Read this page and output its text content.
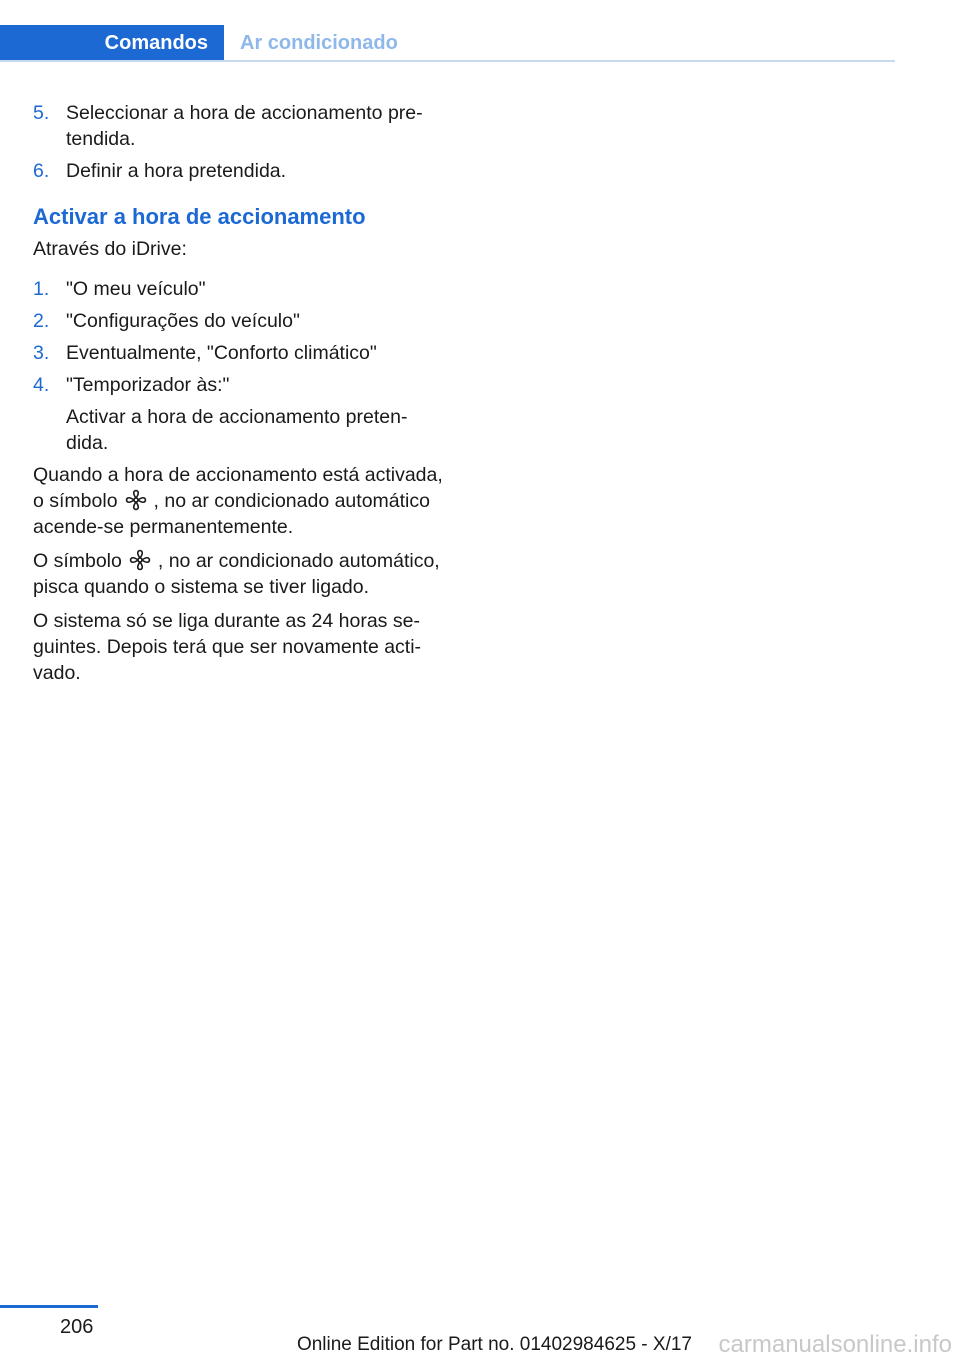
Comandos	Ar condicionado
5. Seleccionar a hora de accionamento pre‐ tendida.
6. Definir a hora pretendida.
Activar a hora de accionamento

Através do iDrive:

1. "O meu veículo"
2. "Configurações do veículo"
3. Eventualmente, "Conforto climático"
4. "Temporizador às:"
Activar a hora de accionamento preten‐ dida.

Quando a hora de accionamento está activada, o símbolo , no ar condicionado automático acende-se permanentemente.

O símbolo , no ar condicionado automático, pisca quando o sistema se tiver ligado.

O sistema só se liga durante as 24 horas se‐ guintes. Depois terá que ser novamente acti‐ vado.

206
Online Edition for Part no. 01402984625 - X/17 carmanualsonline.info
